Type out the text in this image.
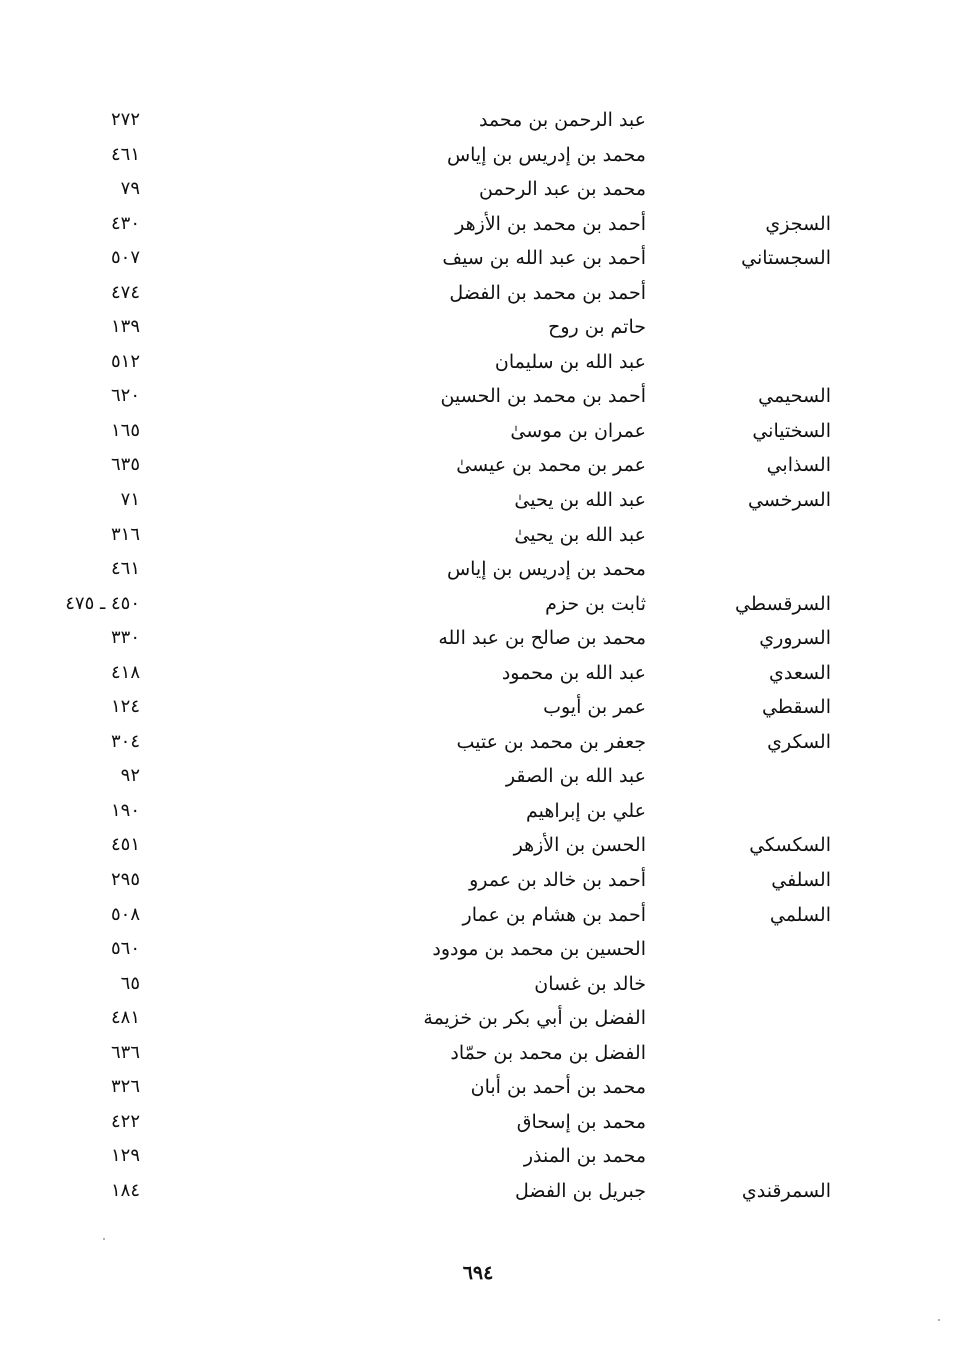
عبد الرحمن بن محمد
٢٧٢
محمد بن إدريس بن إياس
٤٦١
محمد بن عبد الرحمن
٧٩
السجزي
أحمد بن محمد بن الأزهر
٤٣٠
السجستاني
أحمد بن عبد الله بن سيف
٥٠٧
أحمد بن محمد بن الفضل
٤٧٤
حاتم بن روح
١٣٩
عبد الله بن سليمان
٥١٢
السحيمي
أحمد بن محمد بن الحسين
٦٢٠
السختياني
عمران بن موسىٰ
١٦٥
السذابي
عمر بن محمد بن عيسىٰ
٦٣٥
السرخسي
عبد الله بن يحيىٰ
٧١
عبد الله بن يحيىٰ
٣١٦
محمد بن إدريس بن إياس
٤٦١
السرقسطي
ثابت بن حزم
٤٥٠ ـ ٤٧٥
السروري
محمد بن صالح بن عبد الله
٣٣٠
السعدي
عبد الله بن محمود
٤١٨
السقطي
عمر بن أيوب
١٢٤
السكري
جعفر بن محمد بن عتيب
٣٠٤
عبد الله بن الصقر
٩٢
علي بن إبراهيم
١٩٠
السكسكي
الحسن بن الأزهر
٤٥١
السلفي
أحمد بن خالد بن عمرو
٢٩٥
السلمي
أحمد بن هشام بن عمار
٥٠٨
الحسين بن محمد بن مودود
٥٦٠
خالد بن غسان
٦٥
الفضل بن أبي بكر بن خزيمة
٤٨١
الفضل بن محمد بن حمّاد
٦٣٦
محمد بن أحمد بن أبان
٣٢٦
محمد بن إسحاق
٤٢٢
محمد بن المنذر
١٢٩
السمرقندي
جبريل بن الفضل
١٨٤
٦٩٤
